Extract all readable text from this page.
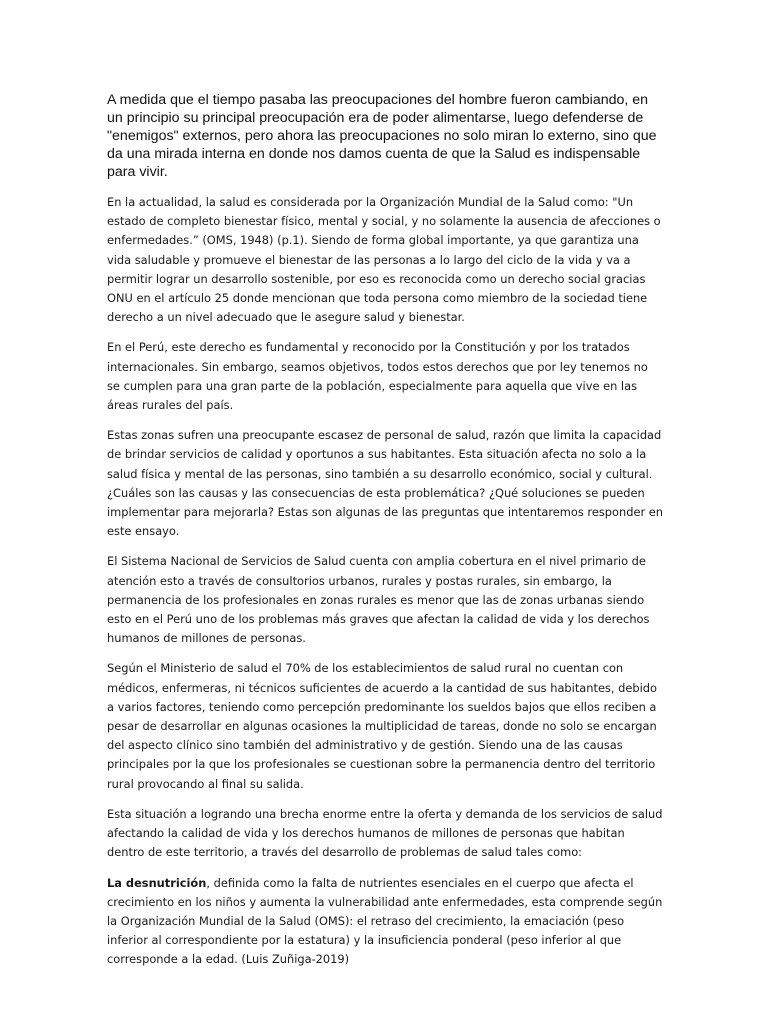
A medida que el tiempo pasaba las preocupaciones del hombre fueron cambiando, en un principio su principal preocupación era de poder alimentarse, luego defenderse de "enemigos" externos, pero ahora las preocupaciones no solo miran lo externo, sino que da una mirada interna en donde nos damos cuenta de que la Salud es indispensable para vivir.

En la actualidad, la salud es considerada por la Organización Mundial de la Salud como: "Un estado de completo bienestar físico, mental y social, y no solamente la ausencia de afecciones o enfermedades.” (OMS, 1948) (p.1). Siendo de forma global importante, ya que garantiza una vida saludable y promueve el bienestar de las personas a lo largo del ciclo de la vida y va a permitir lograr un desarrollo sostenible, por eso es reconocida como un derecho social gracias ONU en el artículo 25 donde mencionan que toda persona como miembro de la sociedad tiene derecho a un nivel adecuado que le asegure salud y bienestar.

En el Perú, este derecho es fundamental y reconocido por la Constitución y por los tratados internacionales. Sin embargo, seamos objetivos, todos estos derechos que por ley tenemos no se cumplen para una gran parte de la población, especialmente para aquella que vive en las áreas rurales del país.

Estas zonas sufren una preocupante escasez de personal de salud, razón que limita la capacidad de brindar servicios de calidad y oportunos a sus habitantes. Esta situación afecta no solo a la salud física y mental de las personas, sino también a su desarrollo económico, social y cultural. ¿Cuáles son las causas y las consecuencias de esta problemática? ¿Qué soluciones se pueden implementar para mejorarla? Estas son algunas de las preguntas que intentaremos responder en este ensayo.

El Sistema Nacional de Servicios de Salud cuenta con amplia cobertura en el nivel primario de atención esto a través de consultorios urbanos, rurales y postas rurales, sin embargo, la permanencia de los profesionales en zonas rurales es menor que las de zonas urbanas siendo esto en el Perú uno de los problemas más graves que afectan la calidad de vida y los derechos humanos de millones de personas.

Según el Ministerio de salud el 70% de los establecimientos de salud rural no cuentan con médicos, enfermeras, ni técnicos suficientes de acuerdo a la cantidad de sus habitantes, debido a varios factores, teniendo como percepción predominante los sueldos bajos que ellos reciben a pesar de desarrollar en algunas ocasiones la multiplicidad de tareas, donde no solo se encargan del aspecto clínico sino también del administrativo y de gestión. Siendo una de las causas principales por la que los profesionales se cuestionan sobre la permanencia dentro del territorio rural provocando al final su salida.

Esta situación a logrando una brecha enorme entre la oferta y demanda de los servicios de salud afectando la calidad de vida y los derechos humanos de millones de personas que habitan dentro de este territorio, a través del desarrollo de problemas de salud tales como:

La desnutrición, definida como la falta de nutrientes esenciales en el cuerpo que afecta el crecimiento en los niños y aumenta la vulnerabilidad ante enfermedades, esta comprende según la Organización Mundial de la Salud (OMS): el retraso del crecimiento, la emaciación (peso inferior al correspondiente por la estatura) y la insuficiencia ponderal (peso inferior al que corresponde a la edad. (Luis Zuñiga-2019)
